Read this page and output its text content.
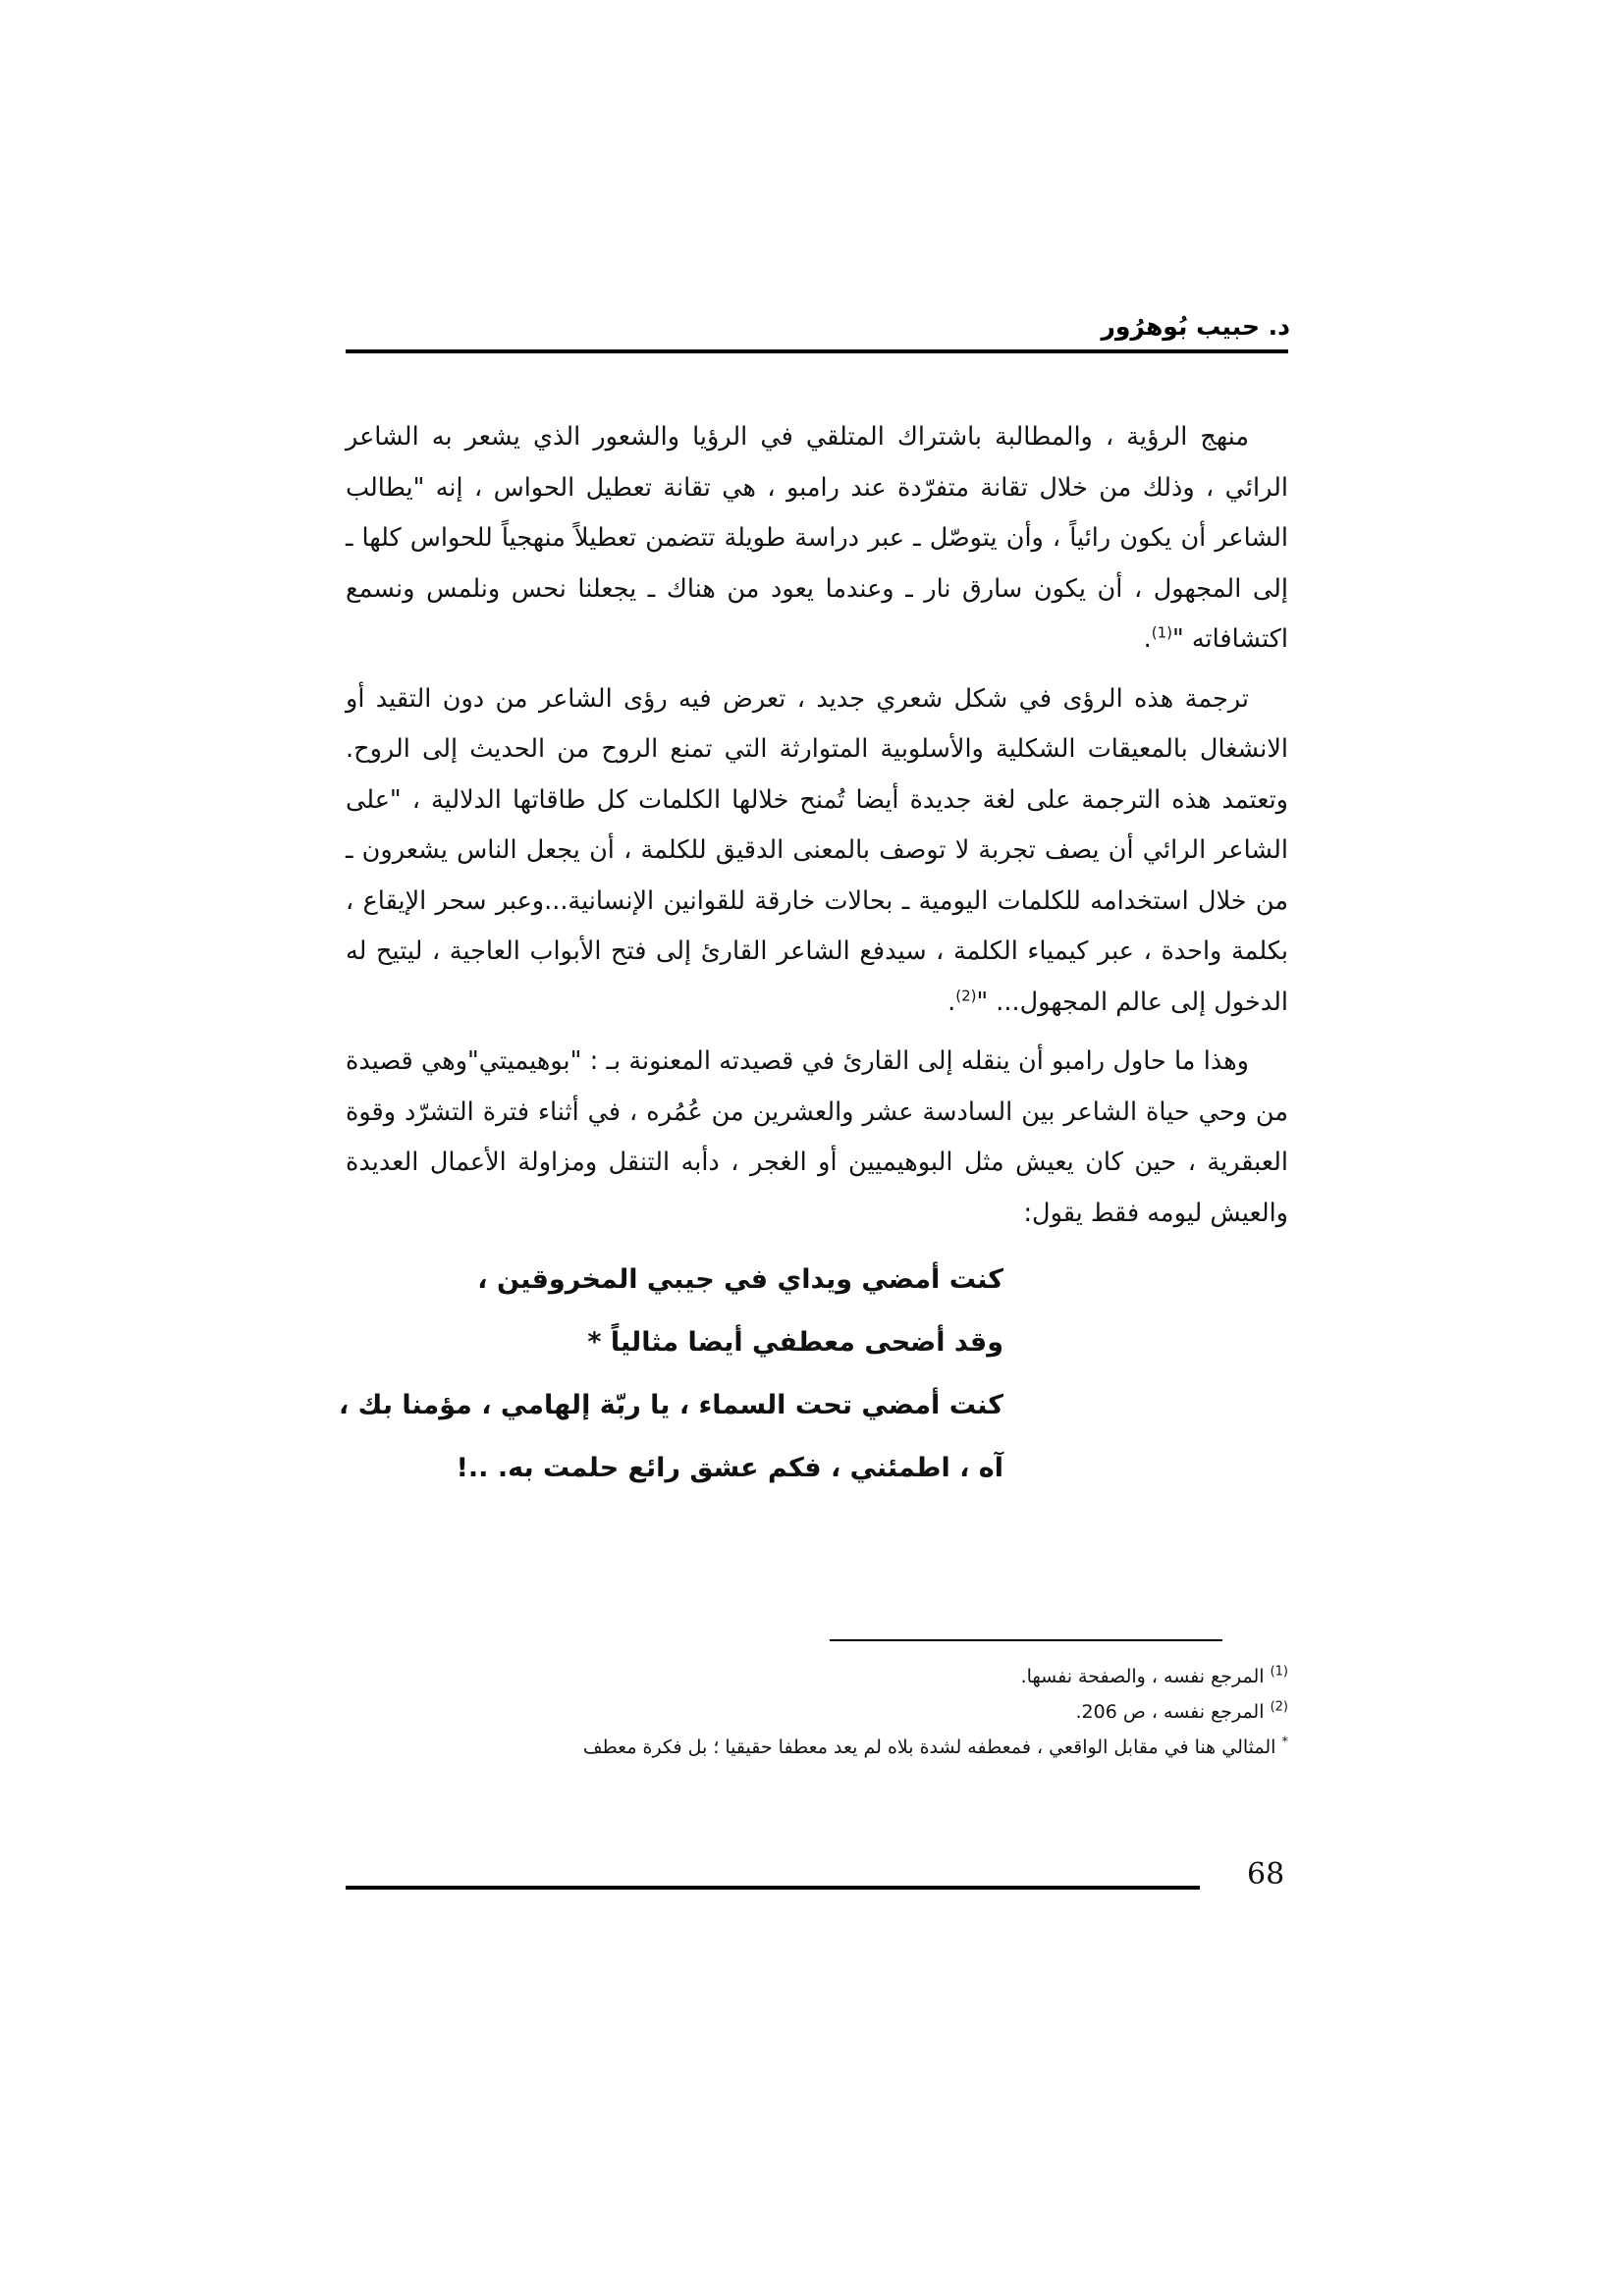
د. حبيب بُوهرُور

منهج الرؤية ، والمطالبة باشتراك المتلقي في الرؤيا والشعور الذي يشعر به الشاعر الرائي ، وذلك من خلال تقانة متفرّدة عند رامبو ، هي تقانة تعطيل الحواس ، إنه "يطالب الشاعر أن يكون رائياً ، وأن يتوصّل ـ عبر دراسة طويلة تتضمن تعطيلاً منهجياً للحواس كلها ـ إلى المجهول ، أن يكون سارق نار ـ وعندما يعود من هناك ـ يجعلنا نحس ونلمس ونسمع اكتشافاته "$^{(1)}$.

ترجمة هذه الرؤى في شكل شعري جديد ، تعرض فيه رؤى الشاعر من دون التقيد أو الانشغال بالمعيقات الشكلية والأسلوبية المتوارثة التي تمنع الروح من الحديث إلى الروح. وتعتمد هذه الترجمة على لغة جديدة أيضا تُمنح خلالها الكلمات كل طاقاتها الدلالية ، "على الشاعر الرائي أن يصف تجربة لا توصف بالمعنى الدقيق للكلمة ، أن يجعل الناس يشعرون ـ من خلال استخدامه للكلمات اليومية ـ بحالات خارقة للقوانين الإنسانية...وعبر سحر الإيقاع ، بكلمة واحدة ، عبر كيمياء الكلمة ، سيدفع الشاعر القارئ إلى فتح الأبواب العاجية ، ليتيح له الدخول إلى عالم المجهول... "$^{(2)}$.

وهذا ما حاول رامبو أن ينقله إلى القارئ في قصيدته المعنونة بـ : "بوهيميتي"وهي قصيدة من وحي حياة الشاعر بين السادسة عشر والعشرين من عُمُره ، في أثناء فترة التشرّد وقوة العبقرية ، حين كان يعيش مثل البوهيميين أو الغجر ، دأبه التنقل ومزاولة الأعمال العديدة والعيش ليومه فقط يقول:

كنت أمضي ويداي في جيبي المخروقين ،
وقد أضحى معطفي أيضا مثالياً *
كنت أمضي تحت السماء ، يا ربّة إلهامي ، مؤمنا بك ،
آه ، اطمئني ، فكم عشق رائع حلمت به. ..!

$^{(1)}$ المرجع نفسه ، والصفحة نفسها.

$^{(2)}$ المرجع نفسه ، ص 206.

* المثالي هنا في مقابل الواقعي ، فمعطفه لشدة بلاه لم يعد معطفا حقيقيا ؛ بل فكرة معطف

68
